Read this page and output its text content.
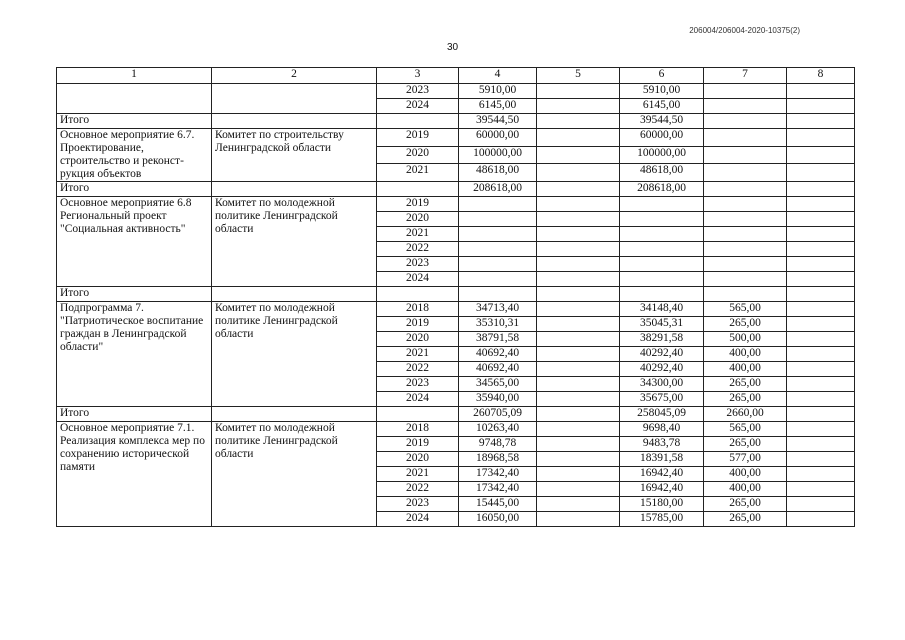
206004/206004-2020-10375(2)
30
1	2	3	4	5	6	7	8
		2023	5910,00		5910,00		
		2024	6145,00		6145,00		
Итого			39544,50		39544,50		
Основное мероприятие 6.7. Проектирование, строительство и реконст-рукция объектов	Комитет по строительству Ленинградской области	2019	60000,00		60000,00		
		2020	100000,00		100000,00		
		2021	48618,00		48618,00		
Итого			208618,00		208618,00		
Основное мероприятие 6.8 Региональный проект "Социальная активность"	Комитет по молодежной политике Ленинградской области	2019					
		2020					
		2021					
		2022					
		2023					
		2024					
Итого							
Подпрограмма 7. "Патриотическое воспитание граждан в Ленинградской области"	Комитет по молодежной политике Ленинградской области	2018	34713,40		34148,40	565,00	
		2019	35310,31		35045,31	265,00	
		2020	38791,58		38291,58	500,00	
		2021	40692,40		40292,40	400,00	
		2022	40692,40		40292,40	400,00	
		2023	34565,00		34300,00	265,00	
		2024	35940,00		35675,00	265,00	
Итого			260705,09		258045,09	2660,00	
Основное мероприятие 7.1. Реализация комплекса мер по сохранению исторической памяти	Комитет по молодежной политике Ленинградской области	2018	10263,40		9698,40	565,00	
		2019	9748,78		9483,78	265,00	
		2020	18968,58		18391,58	577,00	
		2021	17342,40		16942,40	400,00	
		2022	17342,40		16942,40	400,00	
		2023	15445,00		15180,00	265,00	
		2024	16050,00		15785,00	265,00	
